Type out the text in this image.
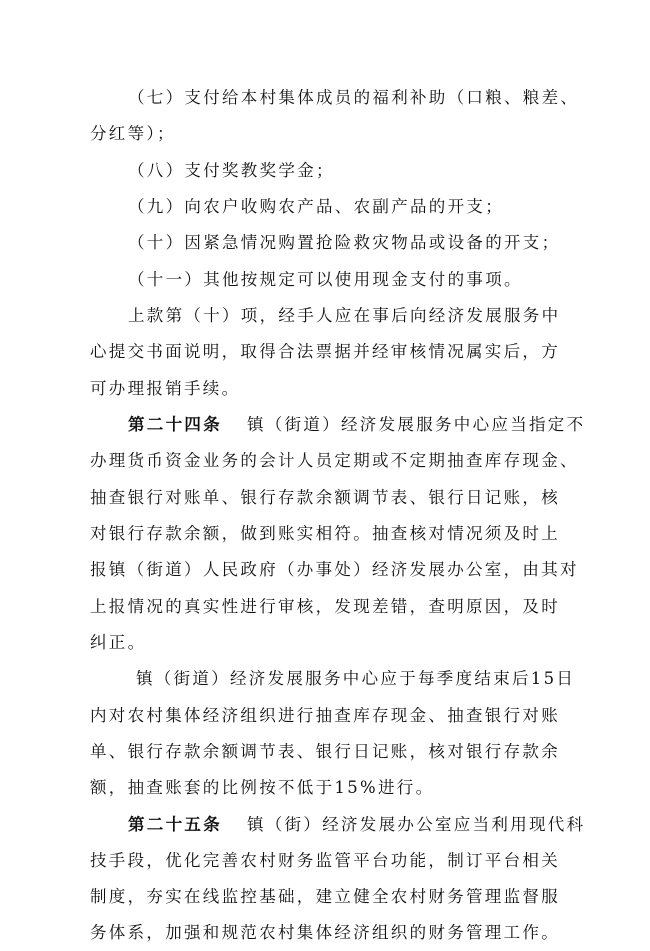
（七）支付给本村集体成员的福利补助（口粮、粮差、
分红等）；
（八）支付奖教奖学金；
（九）向农户收购农产品、农副产品的开支；
（十）因紧急情况购置抢险救灾物品或设备的开支；
（十一）其他按规定可以使用现金支付的事项。
上款第（十）项，经手人应在事后向经济发展服务中
心提交书面说明，取得合法票据并经审核情况属实后，方
可办理报销手续。
第二十四条	镇（街道）经济发展服务中心应当指定不
办理货币资金业务的会计人员定期或不定期抽查库存现金、
抽查银行对账单、银行存款余额调节表、银行日记账，核
对银行存款余额，做到账实相符。抽查核对情况须及时上
报镇（街道）人民政府（办事处）经济发展办公室，由其对
上报情况的真实性进行审核，发现差错，查明原因，及时
纠正。
镇（街道）经济发展服务中心应于每季度结束后15日
内对农村集体经济组织进行抽查库存现金、抽查银行对账
单、银行存款余额调节表、银行日记账，核对银行存款余
额，抽查账套的比例按不低于15%进行。
第二十五条	镇（街）经济发展办公室应当利用现代科
技手段，优化完善农村财务监管平台功能，制订平台相关
制度，夯实在线监控基础，建立健全农村财务管理监督服
务体系，加强和规范农村集体经济组织的财务管理工作。
